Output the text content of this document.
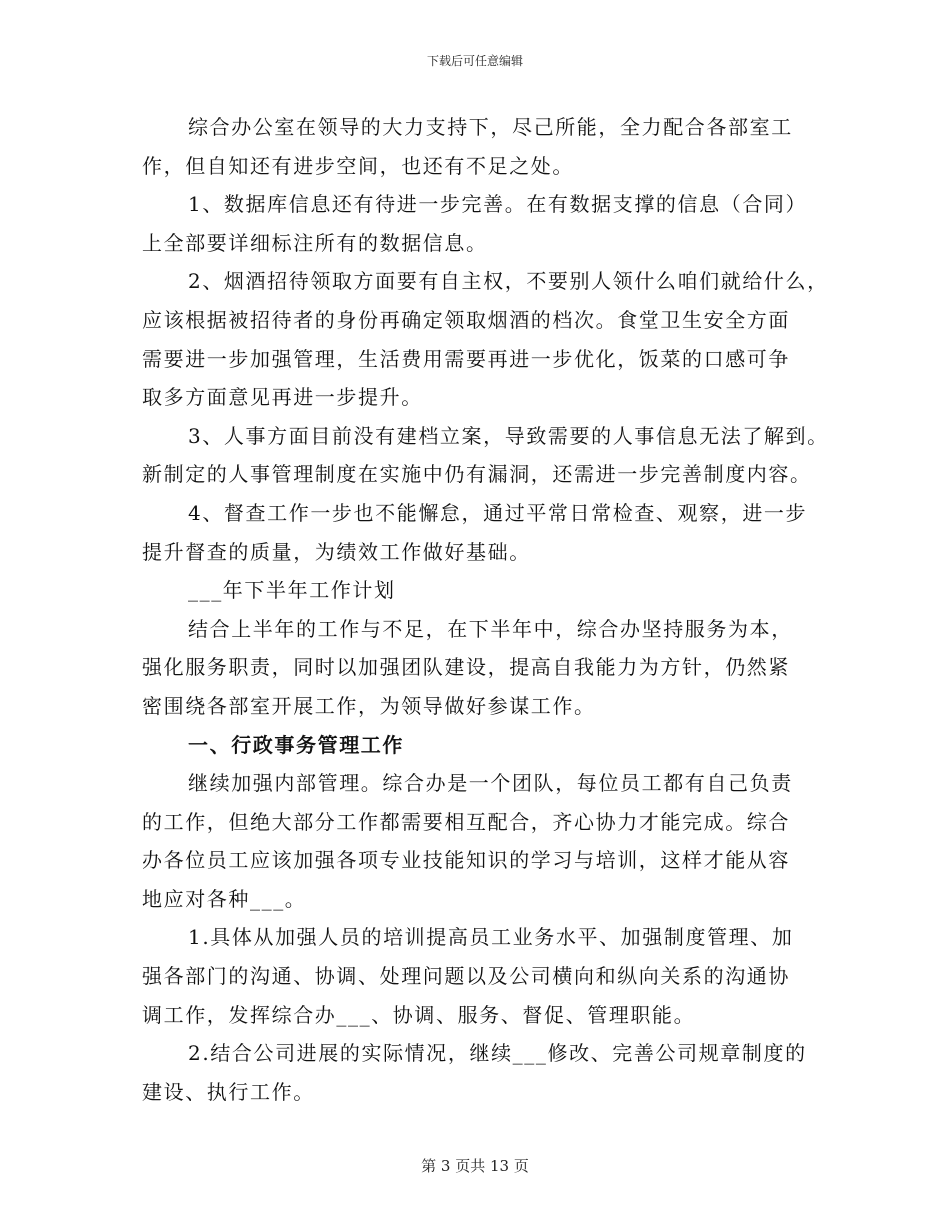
下载后可任意编辑
综合办公室在领导的大力支持下，尽己所能，全力配合各部室工
作，但自知还有进步空间，也还有不足之处。
1、数据库信息还有待进一步完善。在有数据支撑的信息（合同）
上全部要详细标注所有的数据信息。
2、烟酒招待领取方面要有自主权，不要别人领什么咱们就给什么，
应该根据被招待者的身份再确定领取烟酒的档次。食堂卫生安全方面
需要进一步加强管理，生活费用需要再进一步优化，饭菜的口感可争
取多方面意见再进一步提升。
3、人事方面目前没有建档立案，导致需要的人事信息无法了解到。
新制定的人事管理制度在实施中仍有漏洞，还需进一步完善制度内容。
4、督查工作一步也不能懈怠，通过平常日常检查、观察，进一步
提升督查的质量，为绩效工作做好基础。
___年下半年工作计划
结合上半年的工作与不足，在下半年中，综合办坚持服务为本，
强化服务职责，同时以加强团队建设，提高自我能力为方针，仍然紧
密围绕各部室开展工作，为领导做好参谋工作。
一、行政事务管理工作
继续加强内部管理。综合办是一个团队，每位员工都有自己负责
的工作，但绝大部分工作都需要相互配合，齐心协力才能完成。综合
办各位员工应该加强各项专业技能知识的学习与培训，这样才能从容
地应对各种___。
1.具体从加强人员的培训提高员工业务水平、加强制度管理、加
强各部门的沟通、协调、处理问题以及公司横向和纵向关系的沟通协
调工作，发挥综合办___、协调、服务、督促、管理职能。
2.结合公司进展的实际情况，继续___修改、完善公司规章制度的
建设、执行工作。
第 3 页共 13 页
